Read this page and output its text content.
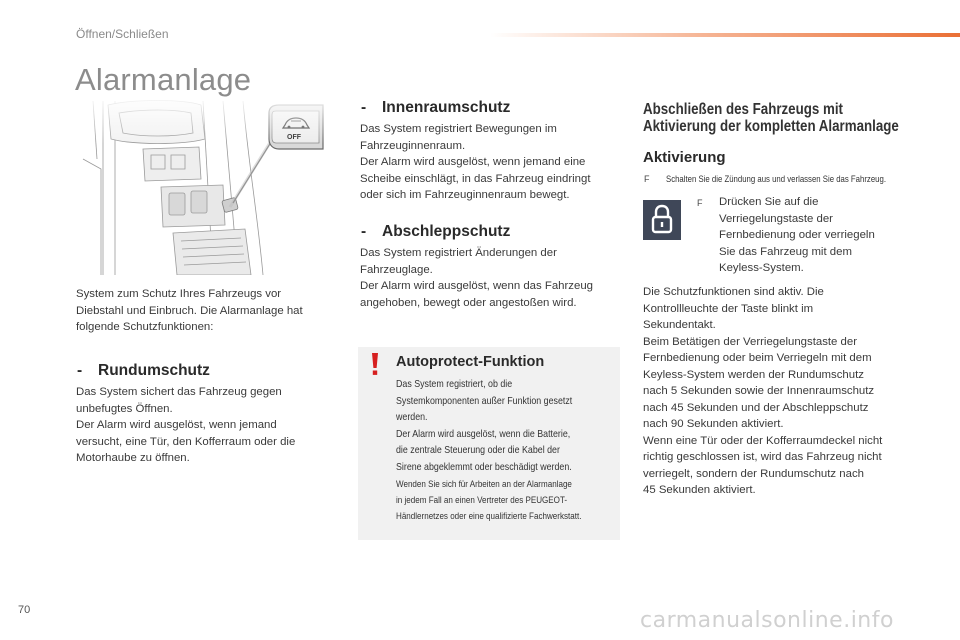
Öffnen/Schließen
Alarmanlage

System zum Schutz Ihres Fahrzeugs vor

Diebstahl und Einbruch. Die Alarmanlage hat

folgende Schutzfunktionen:

- Rundumschutz

Das System sichert das Fahrzeug gegen

unbefugtes Öffnen.

Der Alarm wird ausgelöst, wenn jemand

versucht, eine Tür, den Kofferraum oder die

Motorhaube zu öffnen.

- Innenraumschutz

Das System registriert Bewegungen im

Fahrzeuginnenraum.

Der Alarm wird ausgelöst, wenn jemand eine

Scheibe einschlägt, in das Fahrzeug eindringt

oder sich im Fahrzeuginnenraum bewegt.

- Abschleppschutz

Das System registriert Änderungen der

Fahrzeuglage.

Der Alarm wird ausgelöst, wenn das Fahrzeug

angehoben, bewegt oder angestoßen wird.

Autoprotect-Funktion

Das System registriert, ob die

Systemkomponenten außer Funktion gesetzt

werden.

Der Alarm wird ausgelöst, wenn die Batterie,

die zentrale Steuerung oder die Kabel der

Sirene abgeklemmt oder beschädigt werden.

Wenden Sie sich für Arbeiten an der Alarmanlage

in jedem Fall an einen Vertreter des PEUGEOT-

Händlernetzes oder eine qualifizierte Fachwerkstatt.

Abschließen des Fahrzeugs mit

Aktivierung der kompletten Alarmanlage

Aktivierung
F Schalten Sie die Zündung aus und verlassen Sie das Fahrzeug.
F Drücken Sie auf die

Verriegelungstaste der

Fernbedienung oder verriegeln

Sie das Fahrzeug mit dem

Keyless-System.

Die Schutzfunktionen sind aktiv. Die

Kontrollleuchte der Taste blinkt im

Sekundentakt.

Beim Betätigen der Verriegelungstaste der

Fernbedienung oder beim Verriegeln mit dem

Keyless-System werden der Rundumschutz

nach 5 Sekunden sowie der Innenraumschutz

nach 45 Sekunden und der Abschleppschutz

nach 90 Sekunden aktiviert.

Wenn eine Tür oder der Kofferraumdeckel nicht

richtig geschlossen ist, wird das Fahrzeug nicht

verriegelt, sondern der Rundumschutz nach

45 Sekunden aktiviert.

70	carmanualsonline.info
